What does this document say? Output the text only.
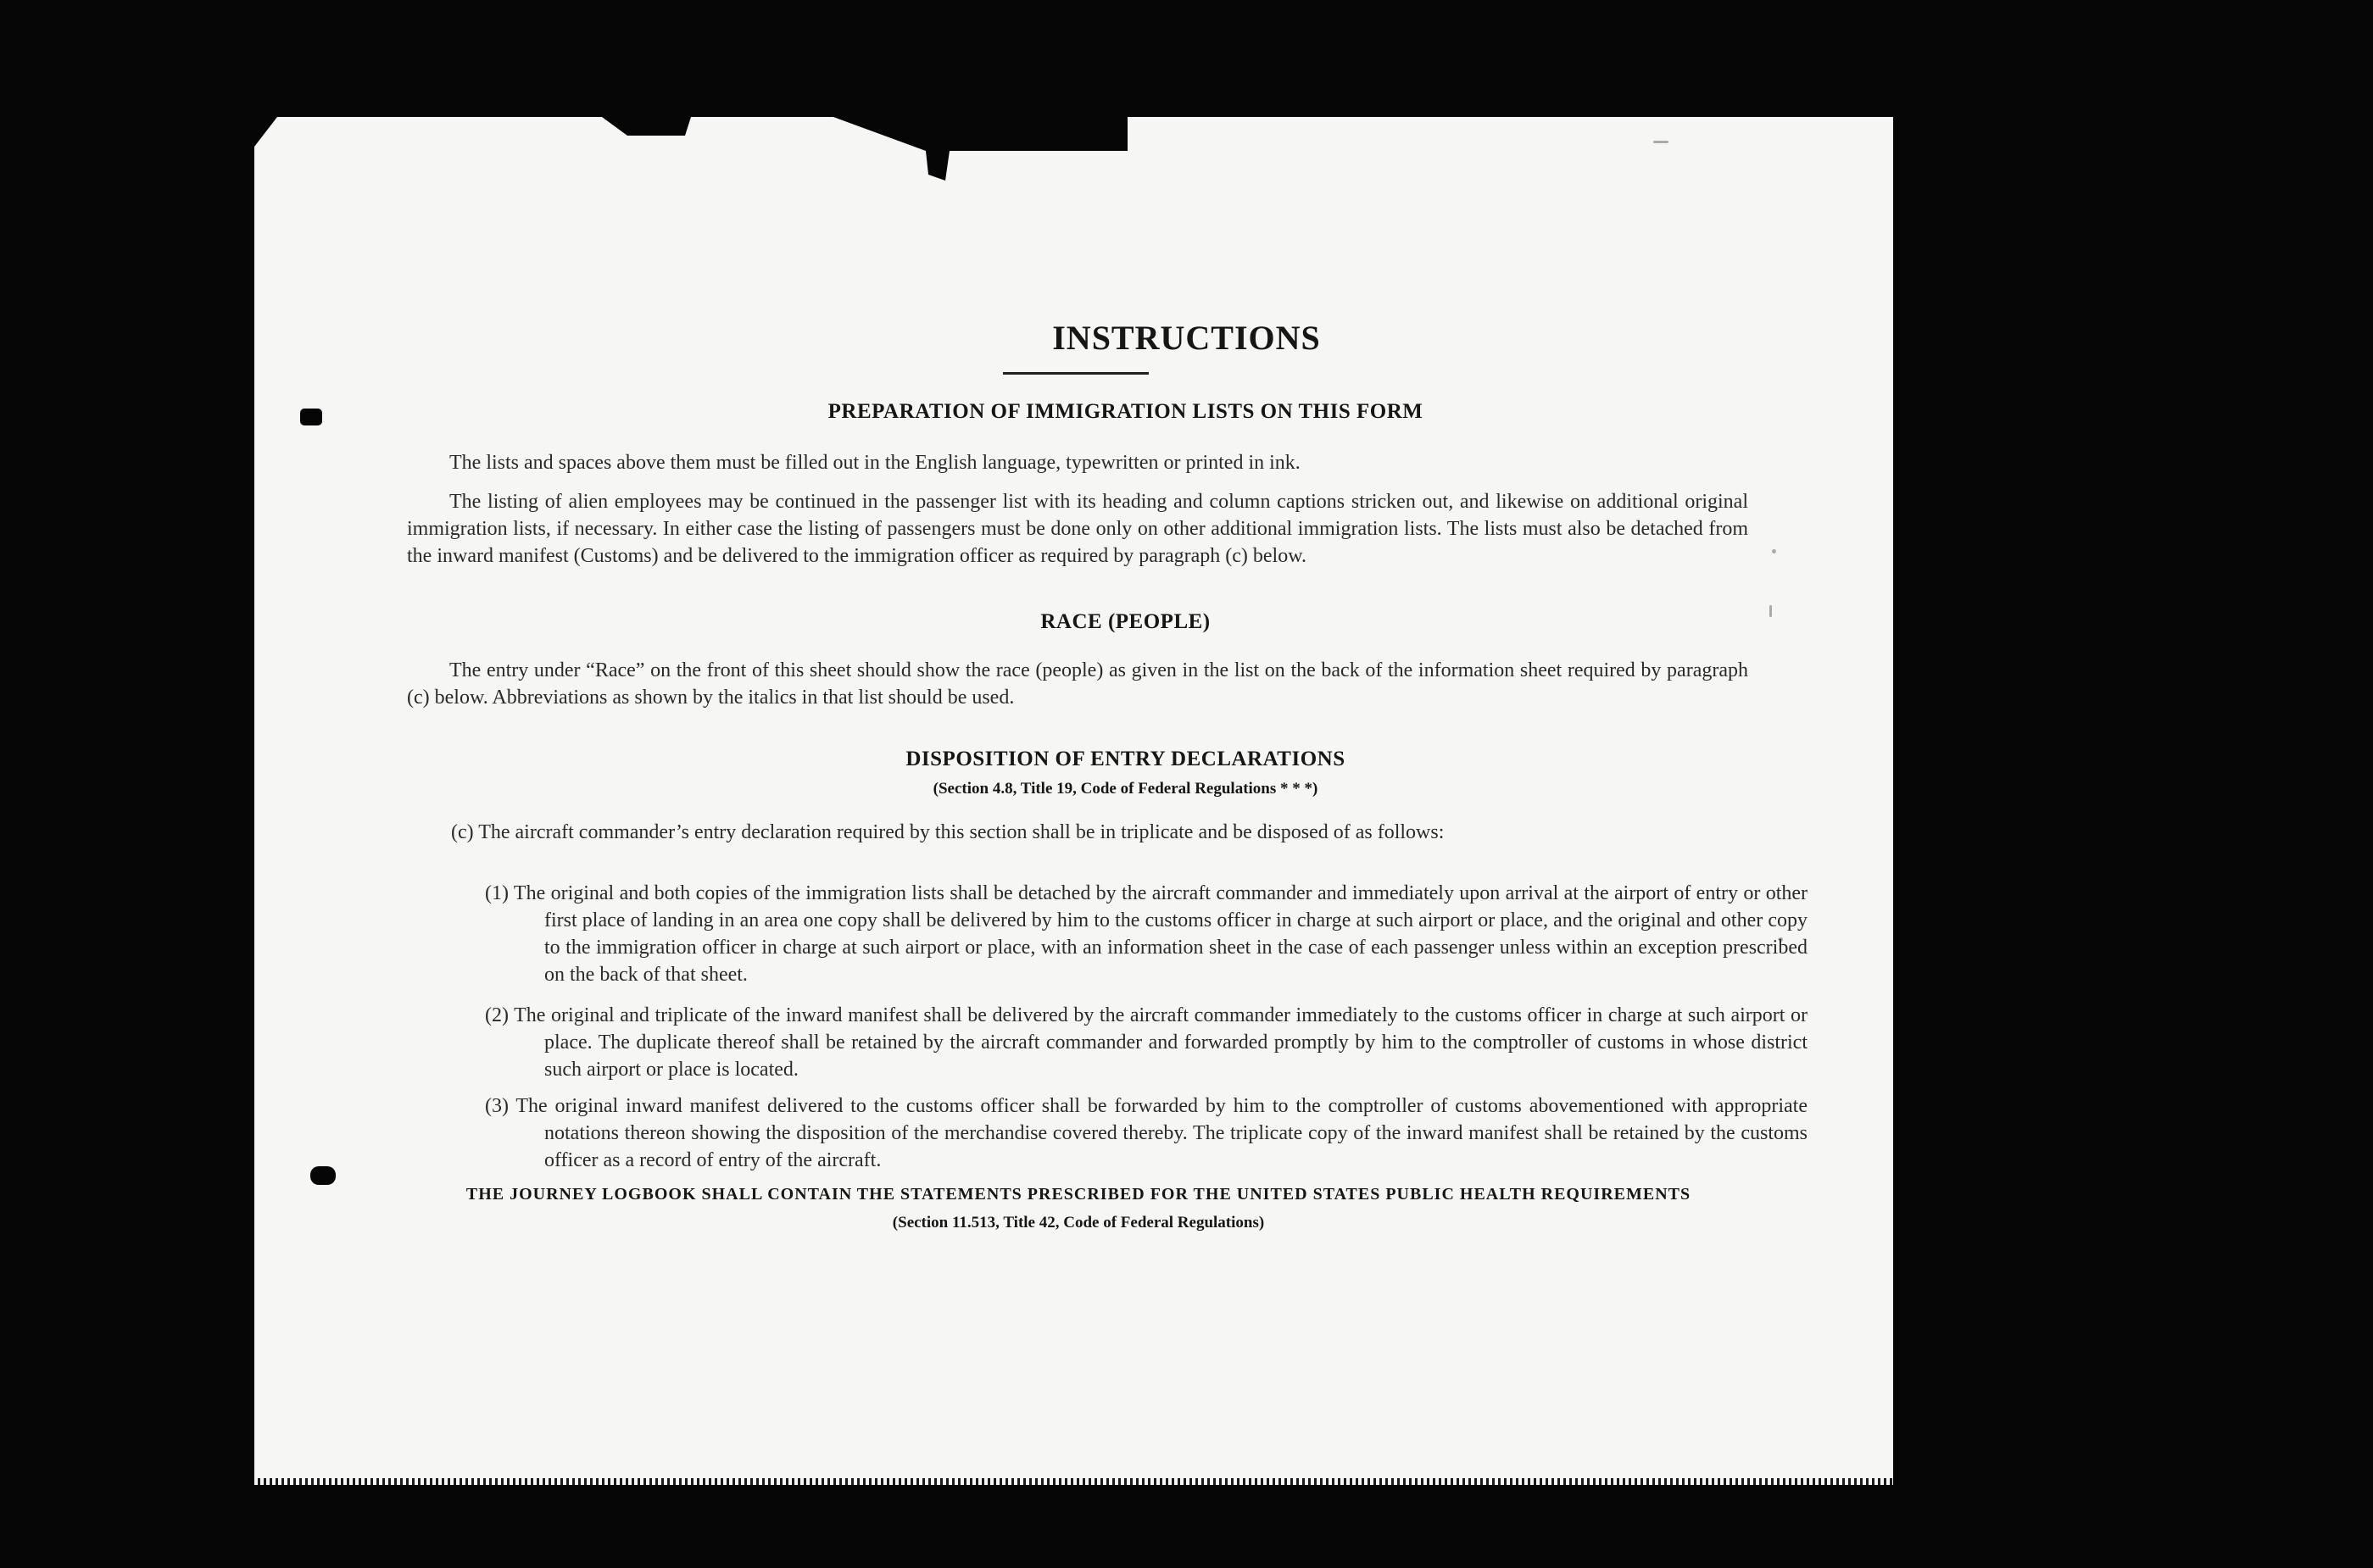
INSTRUCTIONS
PREPARATION OF IMMIGRATION LISTS ON THIS FORM

The lists and spaces above them must be filled out in the English language, typewritten or printed in ink.

The listing of alien employees may be continued in the passenger list with its heading and column captions stricken out, and likewise on additional original immigration lists, if necessary. In either case the listing of passengers must be done only on other additional immigration lists. The lists must also be detached from the inward manifest (Customs) and be delivered to the immigration officer as required by paragraph (c) below.

RACE (PEOPLE)

The entry under “Race” on the front of this sheet should show the race (people) as given in the list on the back of the information sheet required by paragraph (c) below. Abbreviations as shown by the italics in that list should be used.

DISPOSITION OF ENTRY DECLARATIONS
(Section 4.8, Title 19, Code of Federal Regulations * * *)

(c) The aircraft commander’s entry declaration required by this section shall be in triplicate and be disposed of as follows:

(1) The original and both copies of the immigration lists shall be detached by the aircraft commander and immediately upon arrival at the airport of entry or other first place of landing in an area one copy shall be delivered by him to the customs officer in charge at such airport or place, and the original and other copy to the immigration officer in charge at such airport or place, with an information sheet in the case of each passenger unless within an exception prescribed on the back of that sheet.

(2) The original and triplicate of the inward manifest shall be delivered by the aircraft commander immediately to the customs officer in charge at such airport or place. The duplicate thereof shall be retained by the aircraft commander and forwarded promptly by him to the comptroller of customs in whose district such airport or place is located.

(3) The original inward manifest delivered to the customs officer shall be forwarded by him to the comptroller of customs abovementioned with appropriate notations thereon showing the disposition of the merchandise covered thereby. The triplicate copy of the inward manifest shall be retained by the customs officer as a record of entry of the aircraft.

THE JOURNEY LOGBOOK SHALL CONTAIN THE STATEMENTS PRESCRIBED FOR THE UNITED STATES PUBLIC HEALTH REQUIREMENTS
(Section 11.513, Title 42, Code of Federal Regulations)
